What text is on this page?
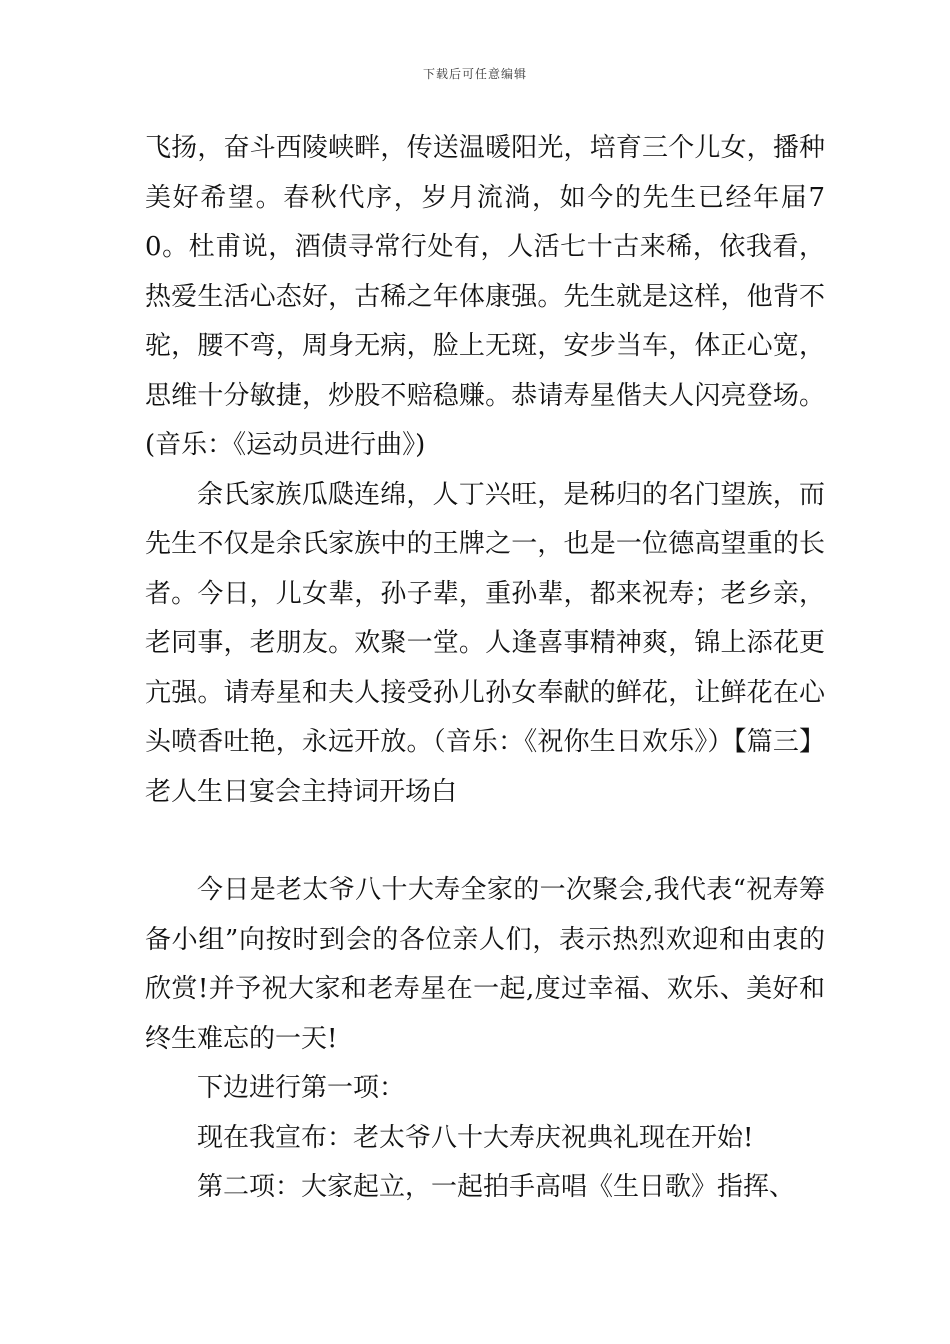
下载后可任意编辑

飞扬，奋斗西陵峡畔，传送温暖阳光，培育三个儿女，播种美好希望。春秋代序，岁月流淌，如今的先生已经年届70。杜甫说，酒债寻常行处有，人活七十古来稀，依我看，热爱生活心态好，古稀之年体康强。先生就是这样，他背不驼，腰不弯，周身无病，脸上无斑，安步当车，体正心宽，思维十分敏捷，炒股不赔稳赚。恭请寿星偕夫人闪亮登场。(音乐：《运动员进行曲》)

余氏家族瓜瓞连绵，人丁兴旺，是秭归的名门望族，而先生不仅是余氏家族中的王牌之一，也是一位德高望重的长者。今日，儿女辈，孙子辈，重孙辈，都来祝寿；老乡亲，老同事，老朋友。欢聚一堂。人逢喜事精神爽，锦上添花更亢强。请寿星和夫人接受孙儿孙女奉献的鲜花，让鲜花在心头喷香吐艳，永远开放。（音乐：《祝你生日欢乐》）【篇三】老人生日宴会主持词开场白

今日是老太爷八十大寿全家的一次聚会,我代表“祝寿筹备小组”向按时到会的各位亲人们，表示热烈欢迎和由衷的欣赏!并予祝大家和老寿星在一起,度过幸福、欢乐、美好和终生难忘的一天!

下边进行第一项：

现在我宣布：老太爷八十大寿庆祝典礼现在开始!

第二项：大家起立，一起拍手高唱《生日歌》指挥、
